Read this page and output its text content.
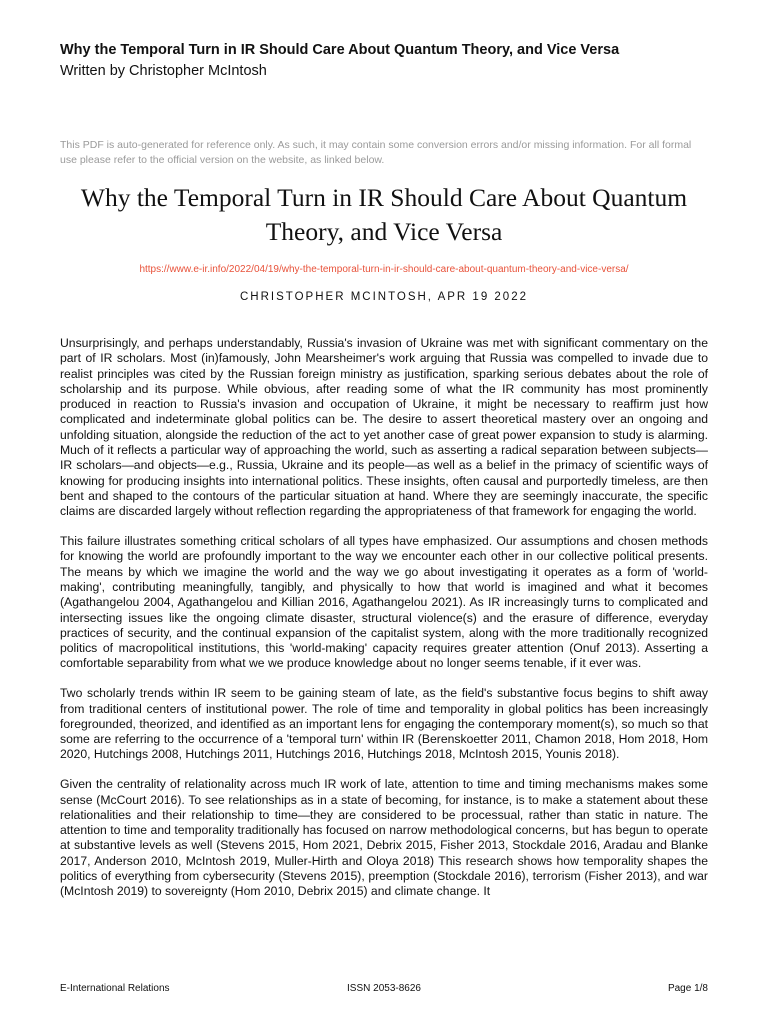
Why the Temporal Turn in IR Should Care About Quantum Theory, and Vice Versa
Written by Christopher McIntosh
This PDF is auto-generated for reference only. As such, it may contain some conversion errors and/or missing information. For all formal use please refer to the official version on the website, as linked below.
Why the Temporal Turn in IR Should Care About Quantum Theory, and Vice Versa
https://www.e-ir.info/2022/04/19/why-the-temporal-turn-in-ir-should-care-about-quantum-theory-and-vice-versa/
CHRISTOPHER MCINTOSH, APR 19 2022

Unsurprisingly, and perhaps understandably, Russia's invasion of Ukraine was met with significant commentary on the part of IR scholars. Most (in)famously, John Mearsheimer's work arguing that Russia was compelled to invade due to realist principles was cited by the Russian foreign ministry as justification, sparking serious debates about the role of scholarship and its purpose. While obvious, after reading some of what the IR community has most prominently produced in reaction to Russia's invasion and occupation of Ukraine, it might be necessary to reaffirm just how complicated and indeterminate global politics can be. The desire to assert theoretical mastery over an ongoing and unfolding situation, alongside the reduction of the act to yet another case of great power expansion to study is alarming. Much of it reflects a particular way of approaching the world, such as asserting a radical separation between subjects—IR scholars—and objects—e.g., Russia, Ukraine and its people—as well as a belief in the primacy of scientific ways of knowing for producing insights into international politics. These insights, often causal and purportedly timeless, are then bent and shaped to the contours of the particular situation at hand. Where they are seemingly inaccurate, the specific claims are discarded largely without reflection regarding the appropriateness of that framework for engaging the world.

This failure illustrates something critical scholars of all types have emphasized. Our assumptions and chosen methods for knowing the world are profoundly important to the way we encounter each other in our collective political presents. The means by which we imagine the world and the way we go about investigating it operates as a form of 'world-making', contributing meaningfully, tangibly, and physically to how that world is imagined and what it becomes (Agathangelou 2004, Agathangelou and Killian 2016, Agathangelou 2021). As IR increasingly turns to complicated and intersecting issues like the ongoing climate disaster, structural violence(s) and the erasure of difference, everyday practices of security, and the continual expansion of the capitalist system, along with the more traditionally recognized politics of macropolitical institutions, this 'world-making' capacity requires greater attention (Onuf 2013). Asserting a comfortable separability from what we we produce knowledge about no longer seems tenable, if it ever was.

Two scholarly trends within IR seem to be gaining steam of late, as the field's substantive focus begins to shift away from traditional centers of institutional power. The role of time and temporality in global politics has been increasingly foregrounded, theorized, and identified as an important lens for engaging the contemporary moment(s), so much so that some are referring to the occurrence of a 'temporal turn' within IR (Berenskoetter 2011, Chamon 2018, Hom 2018, Hom 2020, Hutchings 2008, Hutchings 2011, Hutchings 2016, Hutchings 2018, McIntosh 2015, Younis 2018).

Given the centrality of relationality across much IR work of late, attention to time and timing mechanisms makes some sense (McCourt 2016). To see relationships as in a state of becoming, for instance, is to make a statement about these relationalities and their relationship to time—they are considered to be processual, rather than static in nature. The attention to time and temporality traditionally has focused on narrow methodological concerns, but has begun to operate at substantive levels as well (Stevens 2015, Hom 2021, Debrix 2015, Fisher 2013, Stockdale 2016, Aradau and Blanke 2017, Anderson 2010, McIntosh 2019, Muller-Hirth and Oloya 2018) This research shows how temporality shapes the politics of everything from cybersecurity (Stevens 2015), preemption (Stockdale 2016), terrorism (Fisher 2013), and war (McIntosh 2019) to sovereignty (Hom 2010, Debrix 2015) and climate change. It

E-International Relations	ISSN 2053-8626	Page 1/8
